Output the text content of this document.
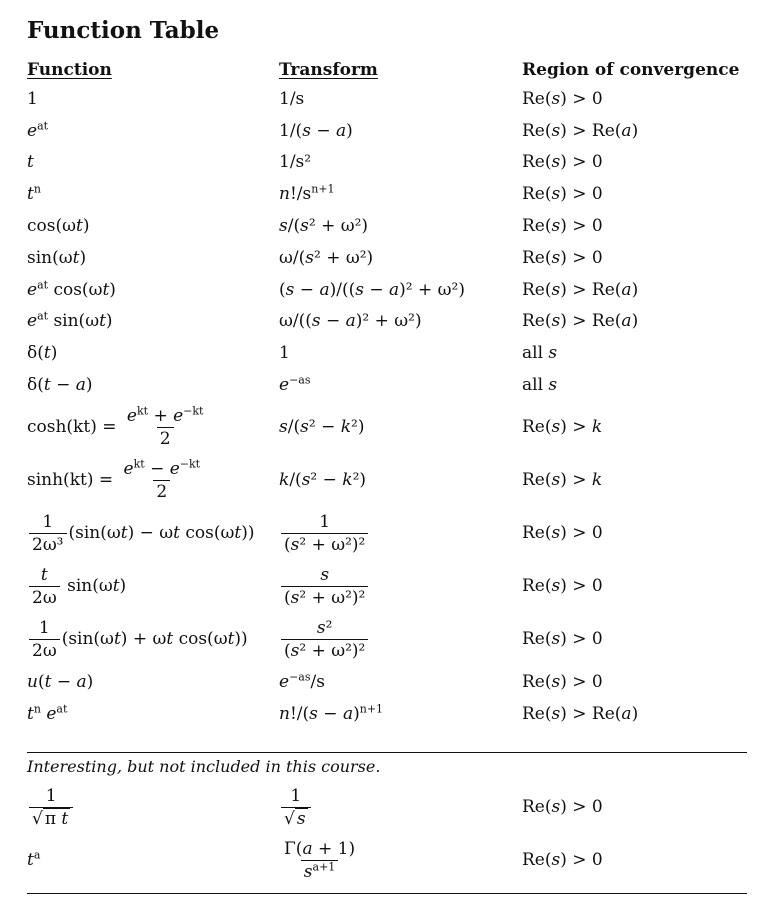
Function Table
Function	Transform	Region of convergence
1	1/s	Re(s) > 0
$e^{at}$	1/(s − a)	Re(s) > Re(a)
t	1/s²	Re(s) > 0
$t^n$	$n!/s^{n+1}$	Re(s) > 0
cos(ωt)	s/(s² + ω²)	Re(s) > 0
sin(ωt)	ω/(s² + ω²)	Re(s) > 0
$e^{at}$ cos(ωt)	(s − a)/((s − a)² + ω²)	Re(s) > Re(a)
$e^{at}$ sin(ωt)	ω/((s − a)² + ω²)	Re(s) > Re(a)
δ(t)	1	all s
δ(t − a)	$e^{-as}$	all s
$\cosh(kt) = \frac{e^{kt} + e^{-kt}}{2}$	s/(s² − k²)	Re(s) > k
$\sinh(kt) = \frac{e^{kt} - e^{-kt}}{2}$	k/(s² − k²)	Re(s) > k
$\frac{1}{\text{2ω³}} (\sin(\omega t) - \omega t$ cos(ωt))	$\frac{1}{\text{(s² + ω²)²}}$	Re(s) > 0
$\frac{t}{2\omega} \sin(\omega t)$	$\frac{s}{\text{(s² + ω²)²}}$	Re(s) > 0
$\frac{1}{2\omega} (\sin(\omega t) + \omega t$ cos(ωt))	$\frac{\text{s²}}{\text{(s² + ω²)²}}$	Re(s) > 0
u(t − a)	$e^{-as}/s$	Re(s) > 0
$t^n$ $e^{at}$	$n!/(s - a)^{n+1}$	Re(s) > Re(a)
Interesting, but not included in this course.
$\frac{1}{\text{√ π t}}$	$\frac{1}{√ s}$	Re(s) > 0
$t^a$	$\frac{\Gamma(a + 1)}{s^{a+1}}$	Re(s) > 0
